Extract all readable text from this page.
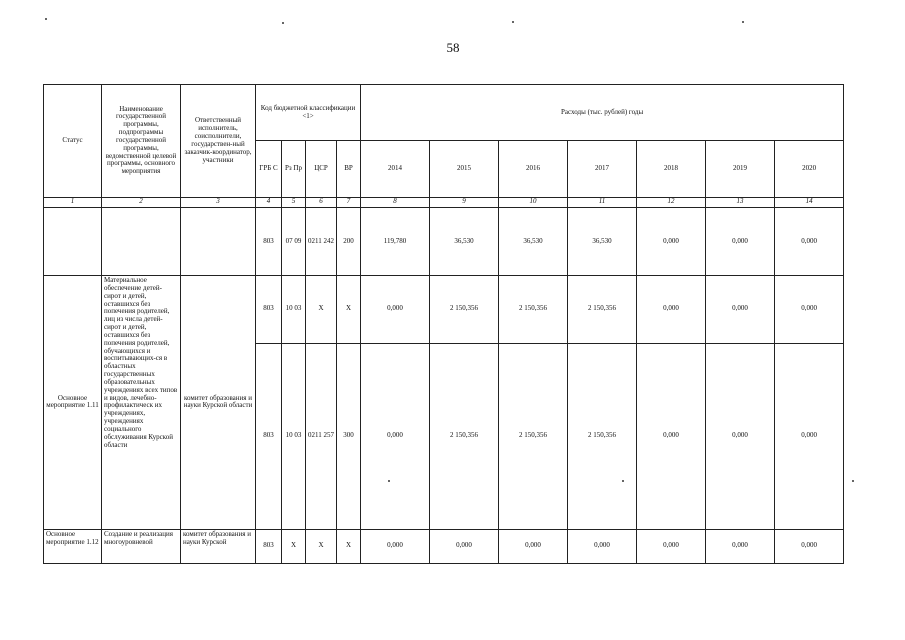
58
Статус	Наименование государственной программы, подпрограммы государственной программы, ведомственной целевой программы, основного мероприятия	Ответственный исполнитель, соисполнители, государствен-ный заказчик-координатор, участники	Код бюджетной классификации <1>				Расходы (тыс. рублей) годы						
			ГРБ С	Рз Пр	ЦСР	ВР	2014	2015	2016	2017	2018	2019	2020
1	2	3	4	5	6	7	8	9	10	11	12	13	14
			803	07 09	0211 242	200	119,780	36,530	36,530	36,530	0,000	0,000	0,000
Основное мероприятие 1.11	Материальное обеспечение детей-сирот и детей, оставшихся без попечения родителей, лиц из числа детей-сирот и детей, оставшихся без попечения родителей, обучающихся и воспитывающих-ся в областных государственных образовательных учреждениях всех типов и видов, лечебно-профилактическ их учреждениях, учреждениях социального обслуживания Курской области	комитет образования и науки Курской области	803	10 03	X	X	0,000	2 150,356	2 150,356	2 150,356	0,000	0,000	0,000
			803	10 03	0211 257	300	0,000	2 150,356	2 150,356	2 150,356	0,000	0,000	0,000
Основное мероприятие 1.12	Создание и реализация многоуровневой	комитет образования и науки Курской	803	X	X	X	0,000	0,000	0,000	0,000	0,000	0,000	0,000
